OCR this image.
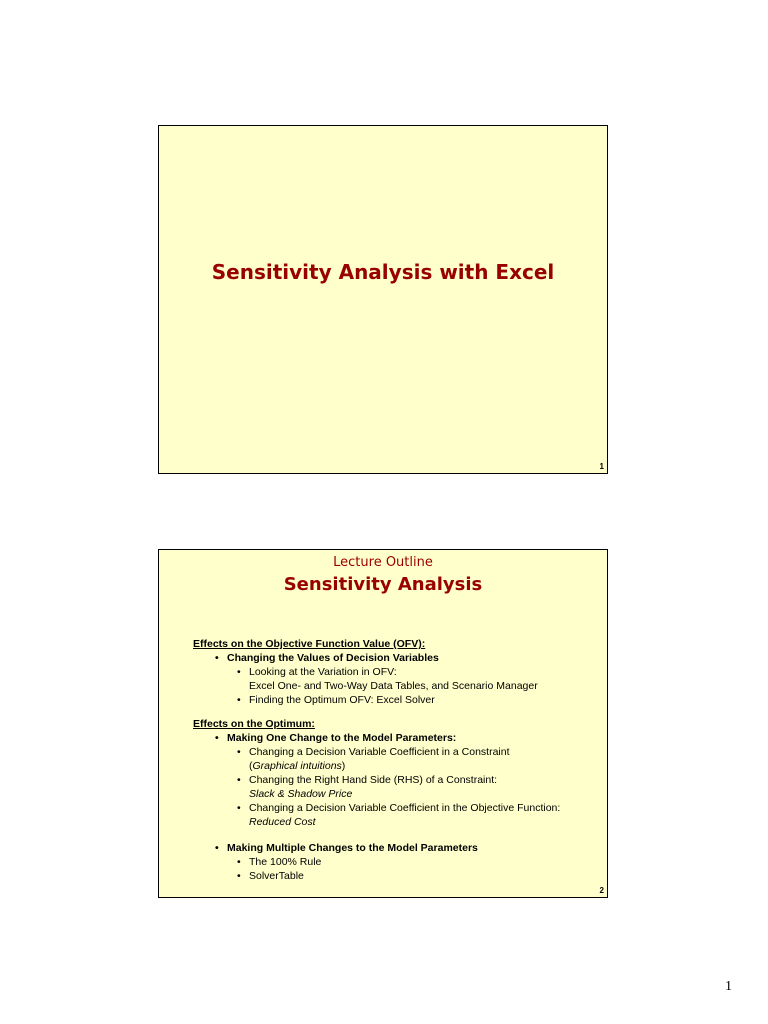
Sensitivity Analysis with Excel
1
Lecture Outline
Sensitivity Analysis
Effects on the Objective Function Value (OFV):
• Changing the Values of Decision Variables
• Looking at the Variation in OFV:
Excel One- and Two-Way Data Tables, and Scenario Manager
• Finding the Optimum OFV: Excel Solver
Effects on the Optimum:
• Making One Change to the Model Parameters:
• Changing a Decision Variable Coefficient in a Constraint
(Graphical intuitions)
• Changing the Right Hand Side (RHS) of a Constraint:
Slack & Shadow Price
• Changing a Decision Variable Coefficient in the Objective Function:
Reduced Cost
• Making Multiple Changes to the Model Parameters
• The 100% Rule
• SolverTable
2
1
